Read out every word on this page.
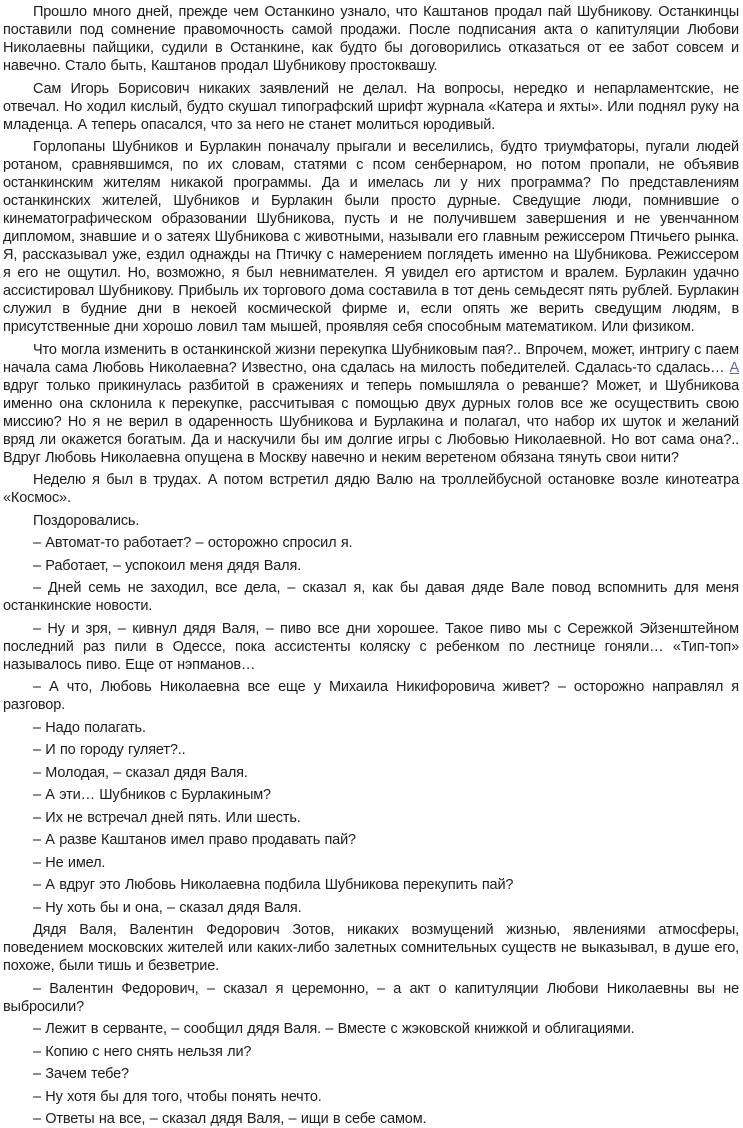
Прошло много дней, прежде чем Останкино узнало, что Каштанов продал пай Шубникову. Останкинцы поставили под сомнение правомочность самой продажи. После подписания акта о капитуляции Любови Николаевны пайщики, судили в Останкине, как будто бы договорились отказаться от ее забот совсем и навечно. Стало быть, Каштанов продал Шубникову простоквашу.

Сам Игорь Борисович никаких заявлений не делал. На вопросы, нередко и непарламентские, не отвечал. Но ходил кислый, будто скушал типографский шрифт журнала «Катера и яхты». Или поднял руку на младенца. А теперь опасался, что за него не станет молиться юродивый.

Горлопаны Шубников и Бурлакин поначалу прыгали и веселились, будто триумфаторы, пугали людей ротаном, сравнявшимся, по их словам, статями с псом сенбернаром, но потом пропали, не объявив останкинским жителям никакой программы. Да и имелась ли у них программа? По представлениям останкинских жителей, Шубников и Бурлакин были просто дурные. Сведущие люди, помнившие о кинематографическом образовании Шубникова, пусть и не получившем завершения и не увенчанном дипломом, знавшие и о затеях Шубникова с животными, называли его главным режиссером Птичьего рынка. Я, рассказывал уже, ездил однажды на Птичку с намерением поглядеть именно на Шубникова. Режиссером я его не ощутил. Но, возможно, я был невнимателен. Я увидел его артистом и вралем. Бурлакин удачно ассистировал Шубникову. Прибыль их торгового дома составила в тот день семьдесят пять рублей. Бурлакин служил в будние дни в некоей космической фирме и, если опять же верить сведущим людям, в присутственные дни хорошо ловил там мышей, проявляя себя способным математиком. Или физиком.

Что могла изменить в останкинской жизни перекупка Шубниковым пая?.. Впрочем, может, интригу с паем начала сама Любовь Николаевна? Известно, она сдалась на милость победителей. Сдалась-то сдалась… А вдруг только прикинулась разбитой в сражениях и теперь помышляла о реванше? Может, и Шубникова именно она склонила к перекупке, рассчитывая с помощью двух дурных голов все же осуществить свою миссию? Но я не верил в одаренность Шубникова и Бурлакина и полагал, что набор их шуток и желаний вряд ли окажется богатым. Да и наскучили бы им долгие игры с Любовью Николаевной. Но вот сама она?.. Вдруг Любовь Николаевна опущена в Москву навечно и неким веретеном обязана тянуть свои нити?

Неделю я был в трудах. А потом встретил дядю Валю на троллейбусной остановке возле кинотеатра «Космос».

Поздоровались.

– Автомат-то работает? – осторожно спросил я.

– Работает, – успокоил меня дядя Валя.

– Дней семь не заходил, все дела, – сказал я, как бы давая дяде Вале повод вспомнить для меня останкинские новости.

– Ну и зря, – кивнул дядя Валя, – пиво все дни хорошее. Такое пиво мы с Сережкой Эйзенштейном последний раз пили в Одессе, пока ассистенты коляску с ребенком по лестнице гоняли… «Тип-топ» называлось пиво. Еще от нэпманов…

– А что, Любовь Николаевна все еще у Михаила Никифоровича живет? – осторожно направлял я разговор.

– Надо полагать.

– И по городу гуляет?..

– Молодая, – сказал дядя Валя.

– А эти… Шубников с Бурлакиным?

– Их не встречал дней пять. Или шесть.

– А разве Каштанов имел право продавать пай?

– Не имел.

– А вдруг это Любовь Николаевна подбила Шубникова перекупить пай?

– Ну хоть бы и она, – сказал дядя Валя.

Дядя Валя, Валентин Федорович Зотов, никаких возмущений жизнью, явлениями атмосферы, поведением московских жителей или каких-либо залетных сомнительных существ не выказывал, в душе его, похоже, были тишь и безветрие.

– Валентин Федорович, – сказал я церемонно, – а акт о капитуляции Любови Николаевны вы не выбросили?

– Лежит в серванте, – сообщил дядя Валя. – Вместе с жэковской книжкой и облигациями.

– Копию с него снять нельзя ли?

– Зачем тебе?

– Ну хотя бы для того, чтобы понять нечто.

– Ответы на все, – сказал дядя Валя, – ищи в себе самом.
